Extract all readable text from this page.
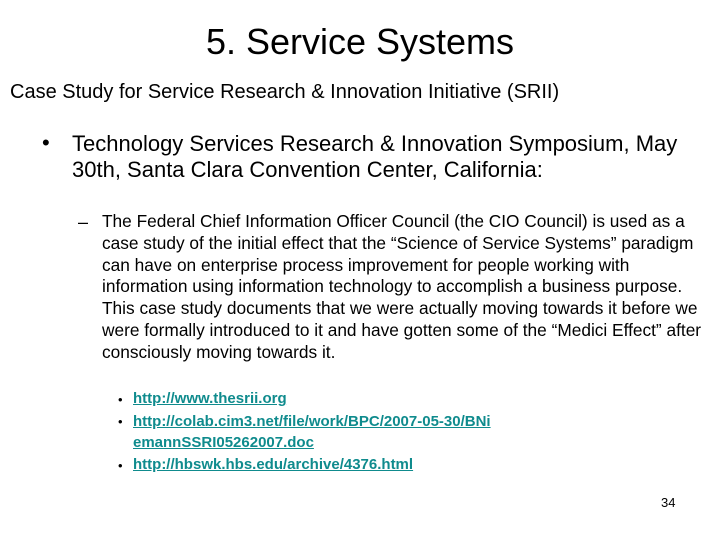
5. Service Systems
Case Study for Service Research & Innovation Initiative (SRII)
• Technology Services Research & Innovation Symposium, May 30th, Santa Clara Convention Center, California:
– The Federal Chief Information Officer Council (the CIO Council) is used as a case study of the initial effect that the “Science of Service Systems” paradigm can have on enterprise process improvement for people working with information using information technology to accomplish a business purpose. This case study documents that we were actually moving towards it before we were formally introduced to it and have gotten some of the “Medici Effect” after consciously moving towards it.
• http://www.thesrii.org
• http://colab.cim3.net/file/work/BPC/2007-05-30/BNiemannSSRI05262007.doc
• http://hbswk.hbs.edu/archive/4376.html
34
